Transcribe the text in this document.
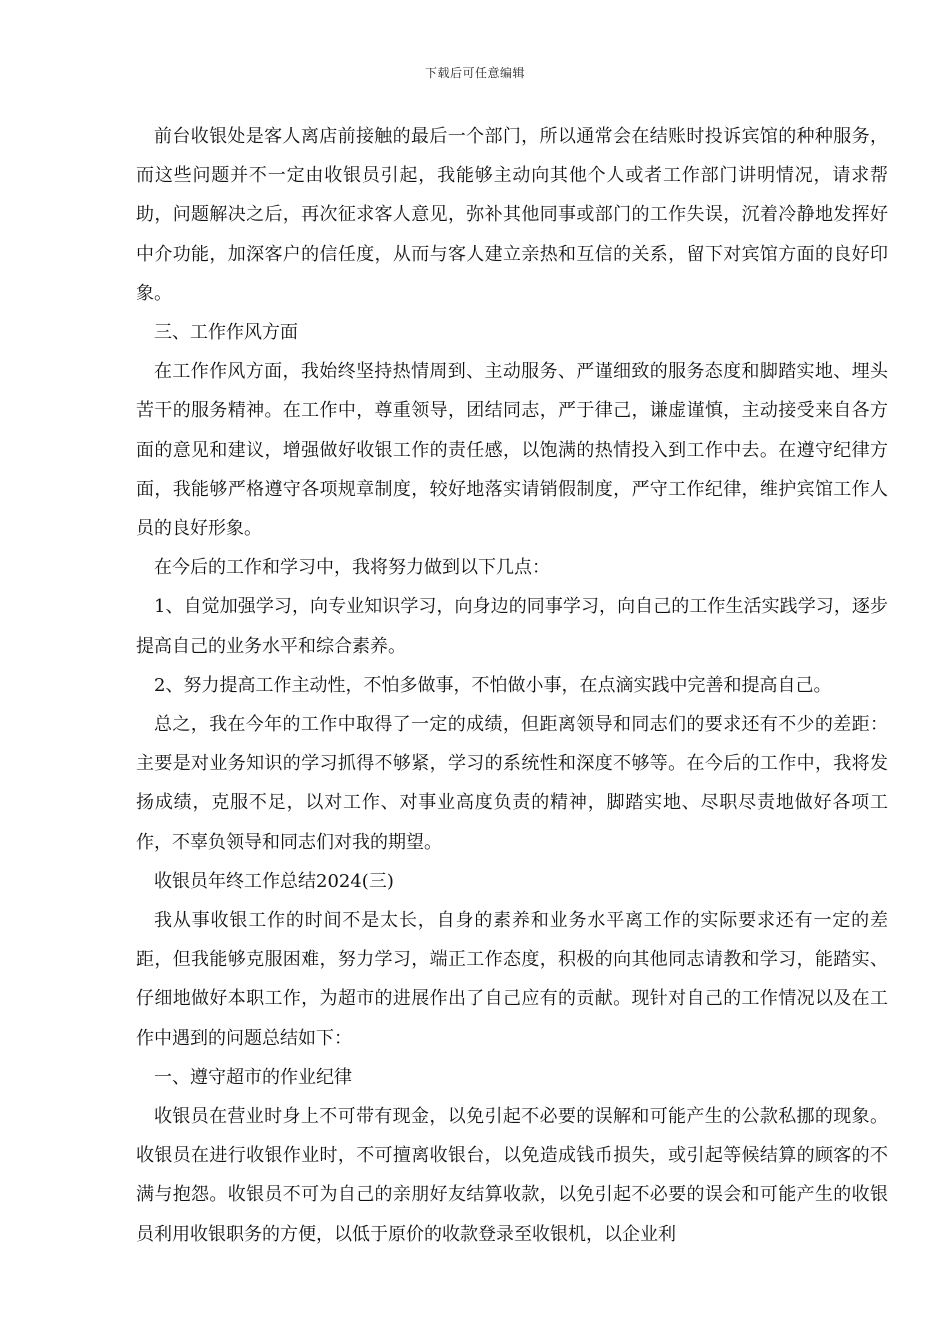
下载后可任意编辑

前台收银处是客人离店前接触的最后一个部门，所以通常会在结账时投诉宾馆的种种服务，而这些问题并不一定由收银员引起，我能够主动向其他个人或者工作部门讲明情况，请求帮助，问题解决之后，再次征求客人意见，弥补其他同事或部门的工作失误，沉着冷静地发挥好中介功能，加深客户的信任度，从而与客人建立亲热和互信的关系，留下对宾馆方面的良好印象。

三、工作作风方面

在工作作风方面，我始终坚持热情周到、主动服务、严谨细致的服务态度和脚踏实地、埋头苦干的服务精神。在工作中，尊重领导，团结同志，严于律己，谦虚谨慎，主动接受来自各方面的意见和建议，增强做好收银工作的责任感，以饱满的热情投入到工作中去。在遵守纪律方面，我能够严格遵守各项规章制度，较好地落实请销假制度，严守工作纪律，维护宾馆工作人员的良好形象。

在今后的工作和学习中，我将努力做到以下几点：

1、自觉加强学习，向专业知识学习，向身边的同事学习，向自己的工作生活实践学习，逐步提高自己的业务水平和综合素养。

2、努力提高工作主动性，不怕多做事，不怕做小事，在点滴实践中完善和提高自己。

总之，我在今年的工作中取得了一定的成绩，但距离领导和同志们的要求还有不少的差距：主要是对业务知识的学习抓得不够紧，学习的系统性和深度不够等。在今后的工作中，我将发扬成绩，克服不足，以对工作、对事业高度负责的精神，脚踏实地、尽职尽责地做好各项工作，不辜负领导和同志们对我的期望。

收银员年终工作总结2024(三)

我从事收银工作的时间不是太长，自身的素养和业务水平离工作的实际要求还有一定的差距，但我能够克服困难，努力学习，端正工作态度，积极的向其他同志请教和学习，能踏实、仔细地做好本职工作，为超市的进展作出了自己应有的贡献。现针对自己的工作情况以及在工作中遇到的问题总结如下：

一、遵守超市的作业纪律

收银员在营业时身上不可带有现金，以免引起不必要的误解和可能产生的公款私挪的现象。收银员在进行收银作业时，不可擅离收银台，以免造成钱币损失，或引起等候结算的顾客的不满与抱怨。收银员不可为自己的亲朋好友结算收款，以免引起不必要的误会和可能产生的收银员利用收银职务的方便，以低于原价的收款登录至收银机，以企业利
